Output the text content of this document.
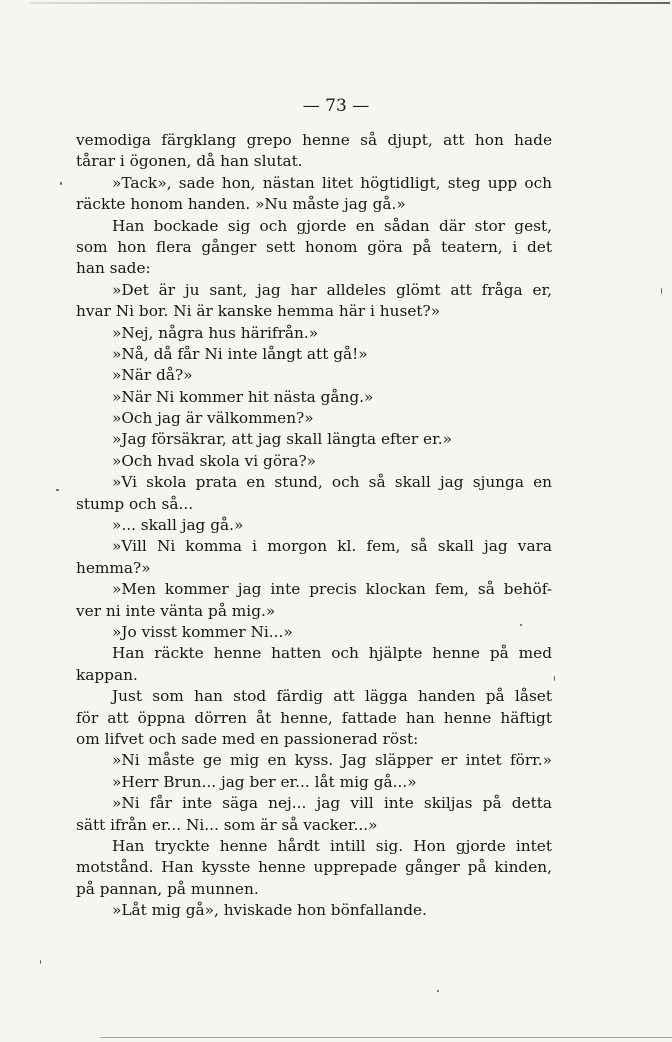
— 73 —
vemodiga färgklang grepo henne så djupt, att hon hade
tårar i ögonen, då han slutat.
»Tack», sade hon, nästan litet högtidligt, steg upp och
räckte honom handen. »Nu måste jag gå.»
Han bockade sig och gjorde en sådan där stor gest,
som hon flera gånger sett honom göra på teatern, i det
han sade:
»Det är ju sant, jag har alldeles glömt att fråga er,
hvar Ni bor. Ni är kanske hemma här i huset?»
»Nej, några hus härifrån.»
»Nå, då får Ni inte långt att gå!»
»När då?»
»När Ni kommer hit nästa gång.»
»Och jag är välkommen?»
»Jag försäkrar, att jag skall längta efter er.»
»Och hvad skola vi göra?»
»Vi skola prata en stund, och så skall jag sjunga en
stump och så...
»... skall jag gå.»
»Vill Ni komma i morgon kl. fem, så skall jag vara
hemma?»
»Men kommer jag inte precis klockan fem, så behöf-
ver ni inte vänta på mig.»
»Jo visst kommer Ni...»
Han räckte henne hatten och hjälpte henne på med
kappan.
Just som han stod färdig att lägga handen på låset
för att öppna dörren åt henne, fattade han henne häftigt
om lifvet och sade med en passionerad röst:
»Ni måste ge mig en kyss. Jag släpper er intet förr.»
»Herr Brun... jag ber er... låt mig gå...»
»Ni får inte säga nej... jag vill inte skiljas på detta
sätt ifrån er... Ni... som är så vacker...»
Han tryckte henne hårdt intill sig. Hon gjorde intet
motstånd. Han kysste henne upprepade gånger på kinden,
på pannan, på munnen.
»Låt mig gå», hviskade hon bönfallande.
